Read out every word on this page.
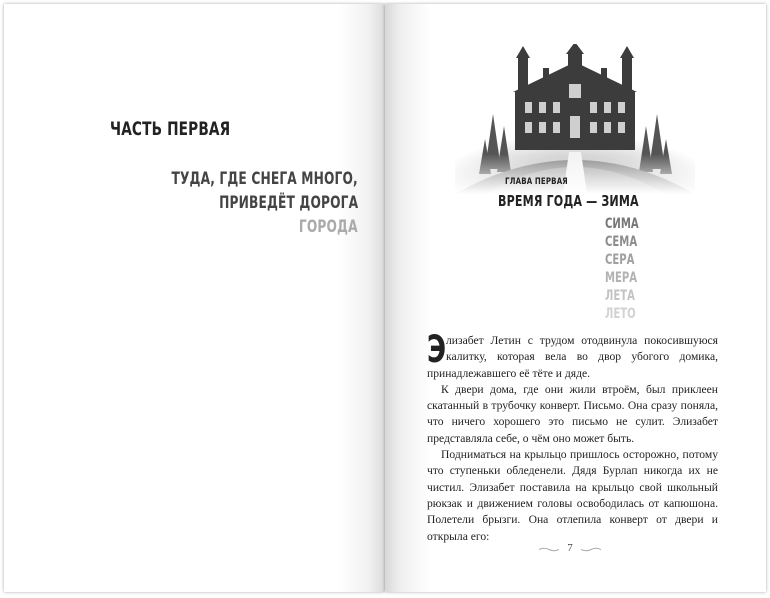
ЧАСТЬ ПЕРВАЯ
ТУДА, ГДЕ СНЕГА МНОГО,
ПРИВЕДЁТ ДОРОГА
ГОРОДА
ГЛАВА ПЕРВАЯ
ВРЕМЯ ГОДА — ЗИМА
СИМА
СЕМА
СЕРА
МЕРА
ЛЕТА
ЛЕТО

Элизабет Летин с трудом отодвинула покосившуюся калитку, которая вела во двор убогого домика, принадлежавшего её тёте и дяде.

К двери дома, где они жили втроём, был приклеен скатанный в трубочку конверт. Письмо. Она сразу поняла, что ничего хорошего это письмо не сулит. Элизабет представляла себе, о чём оно может быть.

Подниматься на крыльцо пришлось осторожно, потому что ступеньки обледенели. Дядя Бурлап никогда их не чистил. Элизабет поставила на крыльцо свой школьный рюкзак и движением головы освободилась от капюшона. Полетели брызги. Она отлепила конверт от двери и открыла его:

7
